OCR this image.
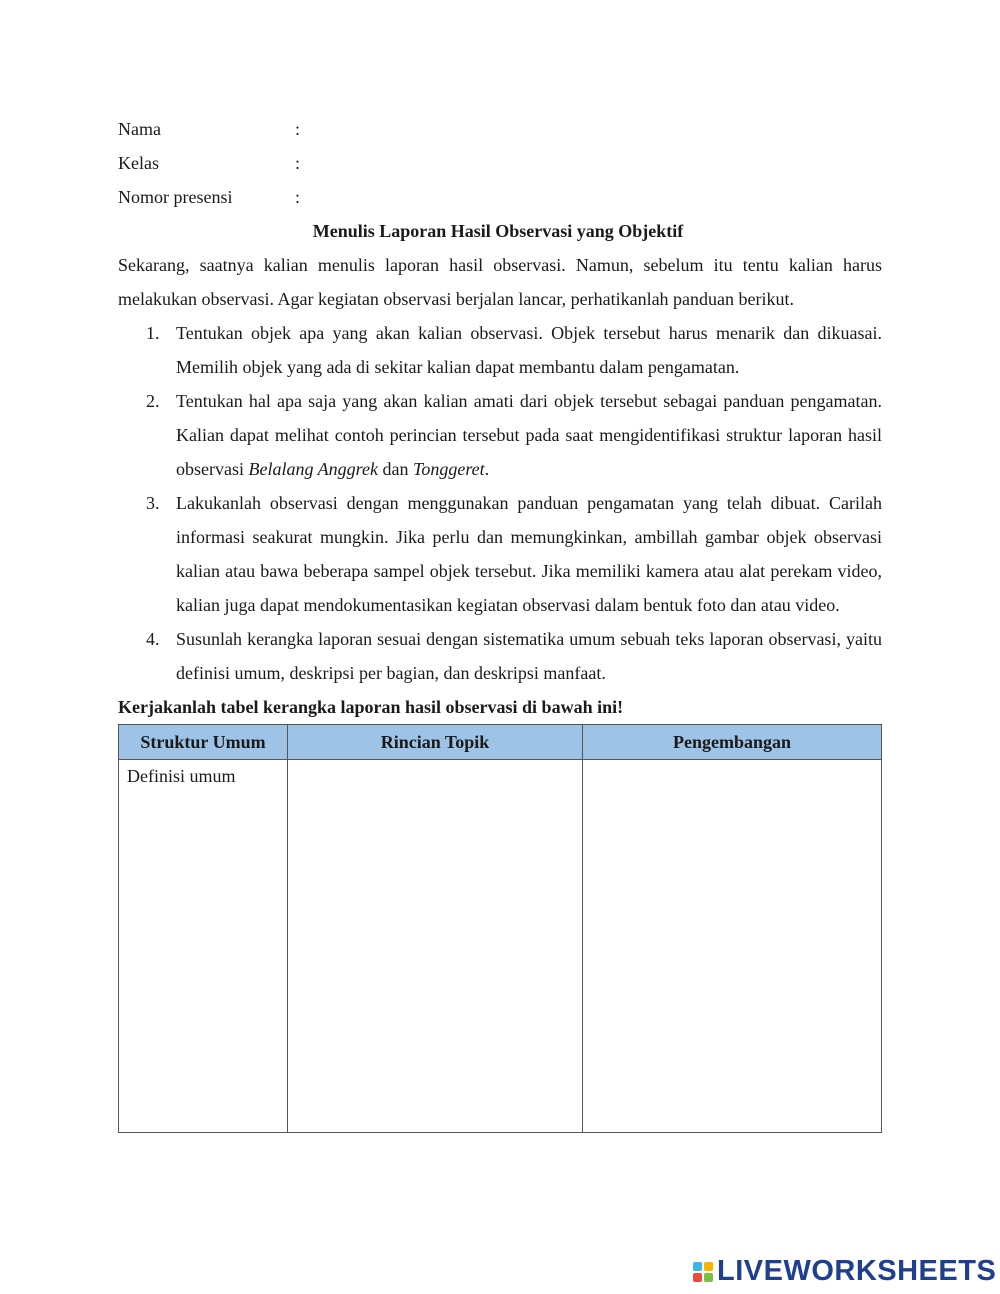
Nama	:
Kelas	:
Nomor presensi	:
Menulis Laporan Hasil Observasi yang Objektif

Sekarang, saatnya kalian menulis laporan hasil observasi. Namun, sebelum itu tentu kalian harus melakukan observasi. Agar kegiatan observasi berjalan lancar, perhatikanlah panduan berikut.

1. Tentukan objek apa yang akan kalian observasi. Objek tersebut harus menarik dan dikuasai. Memilih objek yang ada di sekitar kalian dapat membantu dalam pengamatan.
2. Tentukan hal apa saja yang akan kalian amati dari objek tersebut sebagai panduan pengamatan. Kalian dapat melihat contoh perincian tersebut pada saat mengidentifikasi struktur laporan hasil observasi Belalang Anggrek dan Tonggeret.
3. Lakukanlah observasi dengan menggunakan panduan pengamatan yang telah dibuat. Carilah informasi seakurat mungkin. Jika perlu dan memungkinkan, ambillah gambar objek observasi kalian atau bawa beberapa sampel objek tersebut. Jika memiliki kamera atau alat perekam video, kalian juga dapat mendokumentasikan kegiatan observasi dalam bentuk foto dan atau video.
4. Susunlah kerangka laporan sesuai dengan sistematika umum sebuah teks laporan observasi, yaitu definisi umum, deskripsi per bagian, dan deskripsi manfaat.
Kerjakanlah tabel kerangka laporan hasil observasi di bawah ini!
Struktur Umum	Rincian Topik	Pengembangan
Definisi umum		
LIVEWORKSHEETS
